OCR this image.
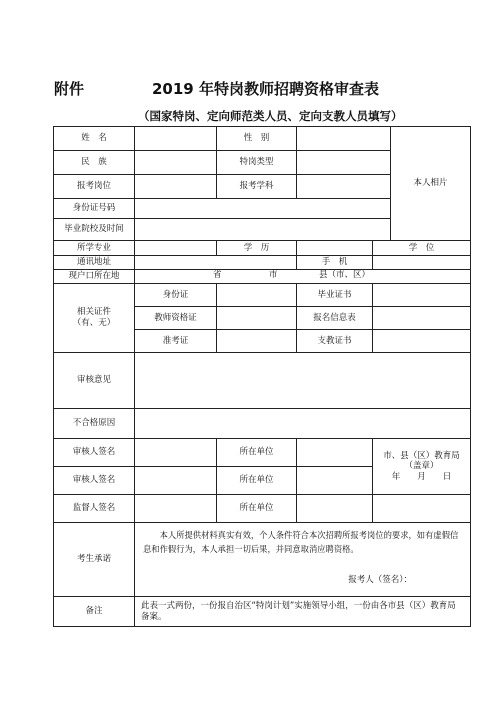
附件	2019 年特岗教师招聘资格审查表
（国家特岗、定向师范类人员、定向支教人员填写）
姓　名		性　别			本人相片
民　族		特岗类型			
报考岗位		报考学科			
身份证号码					
毕业院校及时间					
所学专业		学　历		学　位	
通讯地址			手　机		
现户口所在地	省 市 县（市、区）				

相关证件
（有、无）	身份证		毕业证书		
	教师资格证		报名信息表		
	准考证		支教证书		
审核意见					
不合格原因					
审核人签名		所在单位		市、县（区）教育局
（盖章）
年　　月　　日	

审核人签名		所在单位			
监督人签名		所在单位			
考生承诺	本人所提供材料真实有效，个人条件符合本次招聘所报考岗位的要求，如有虚假信息和作假行为，本人承担一切后果，并同意取消应聘资格。
报考人（签名）：				

备注	此表一式两份，一份报自治区“特岗计划”实施领导小组，一份由各市县（区）教育局备案。				
